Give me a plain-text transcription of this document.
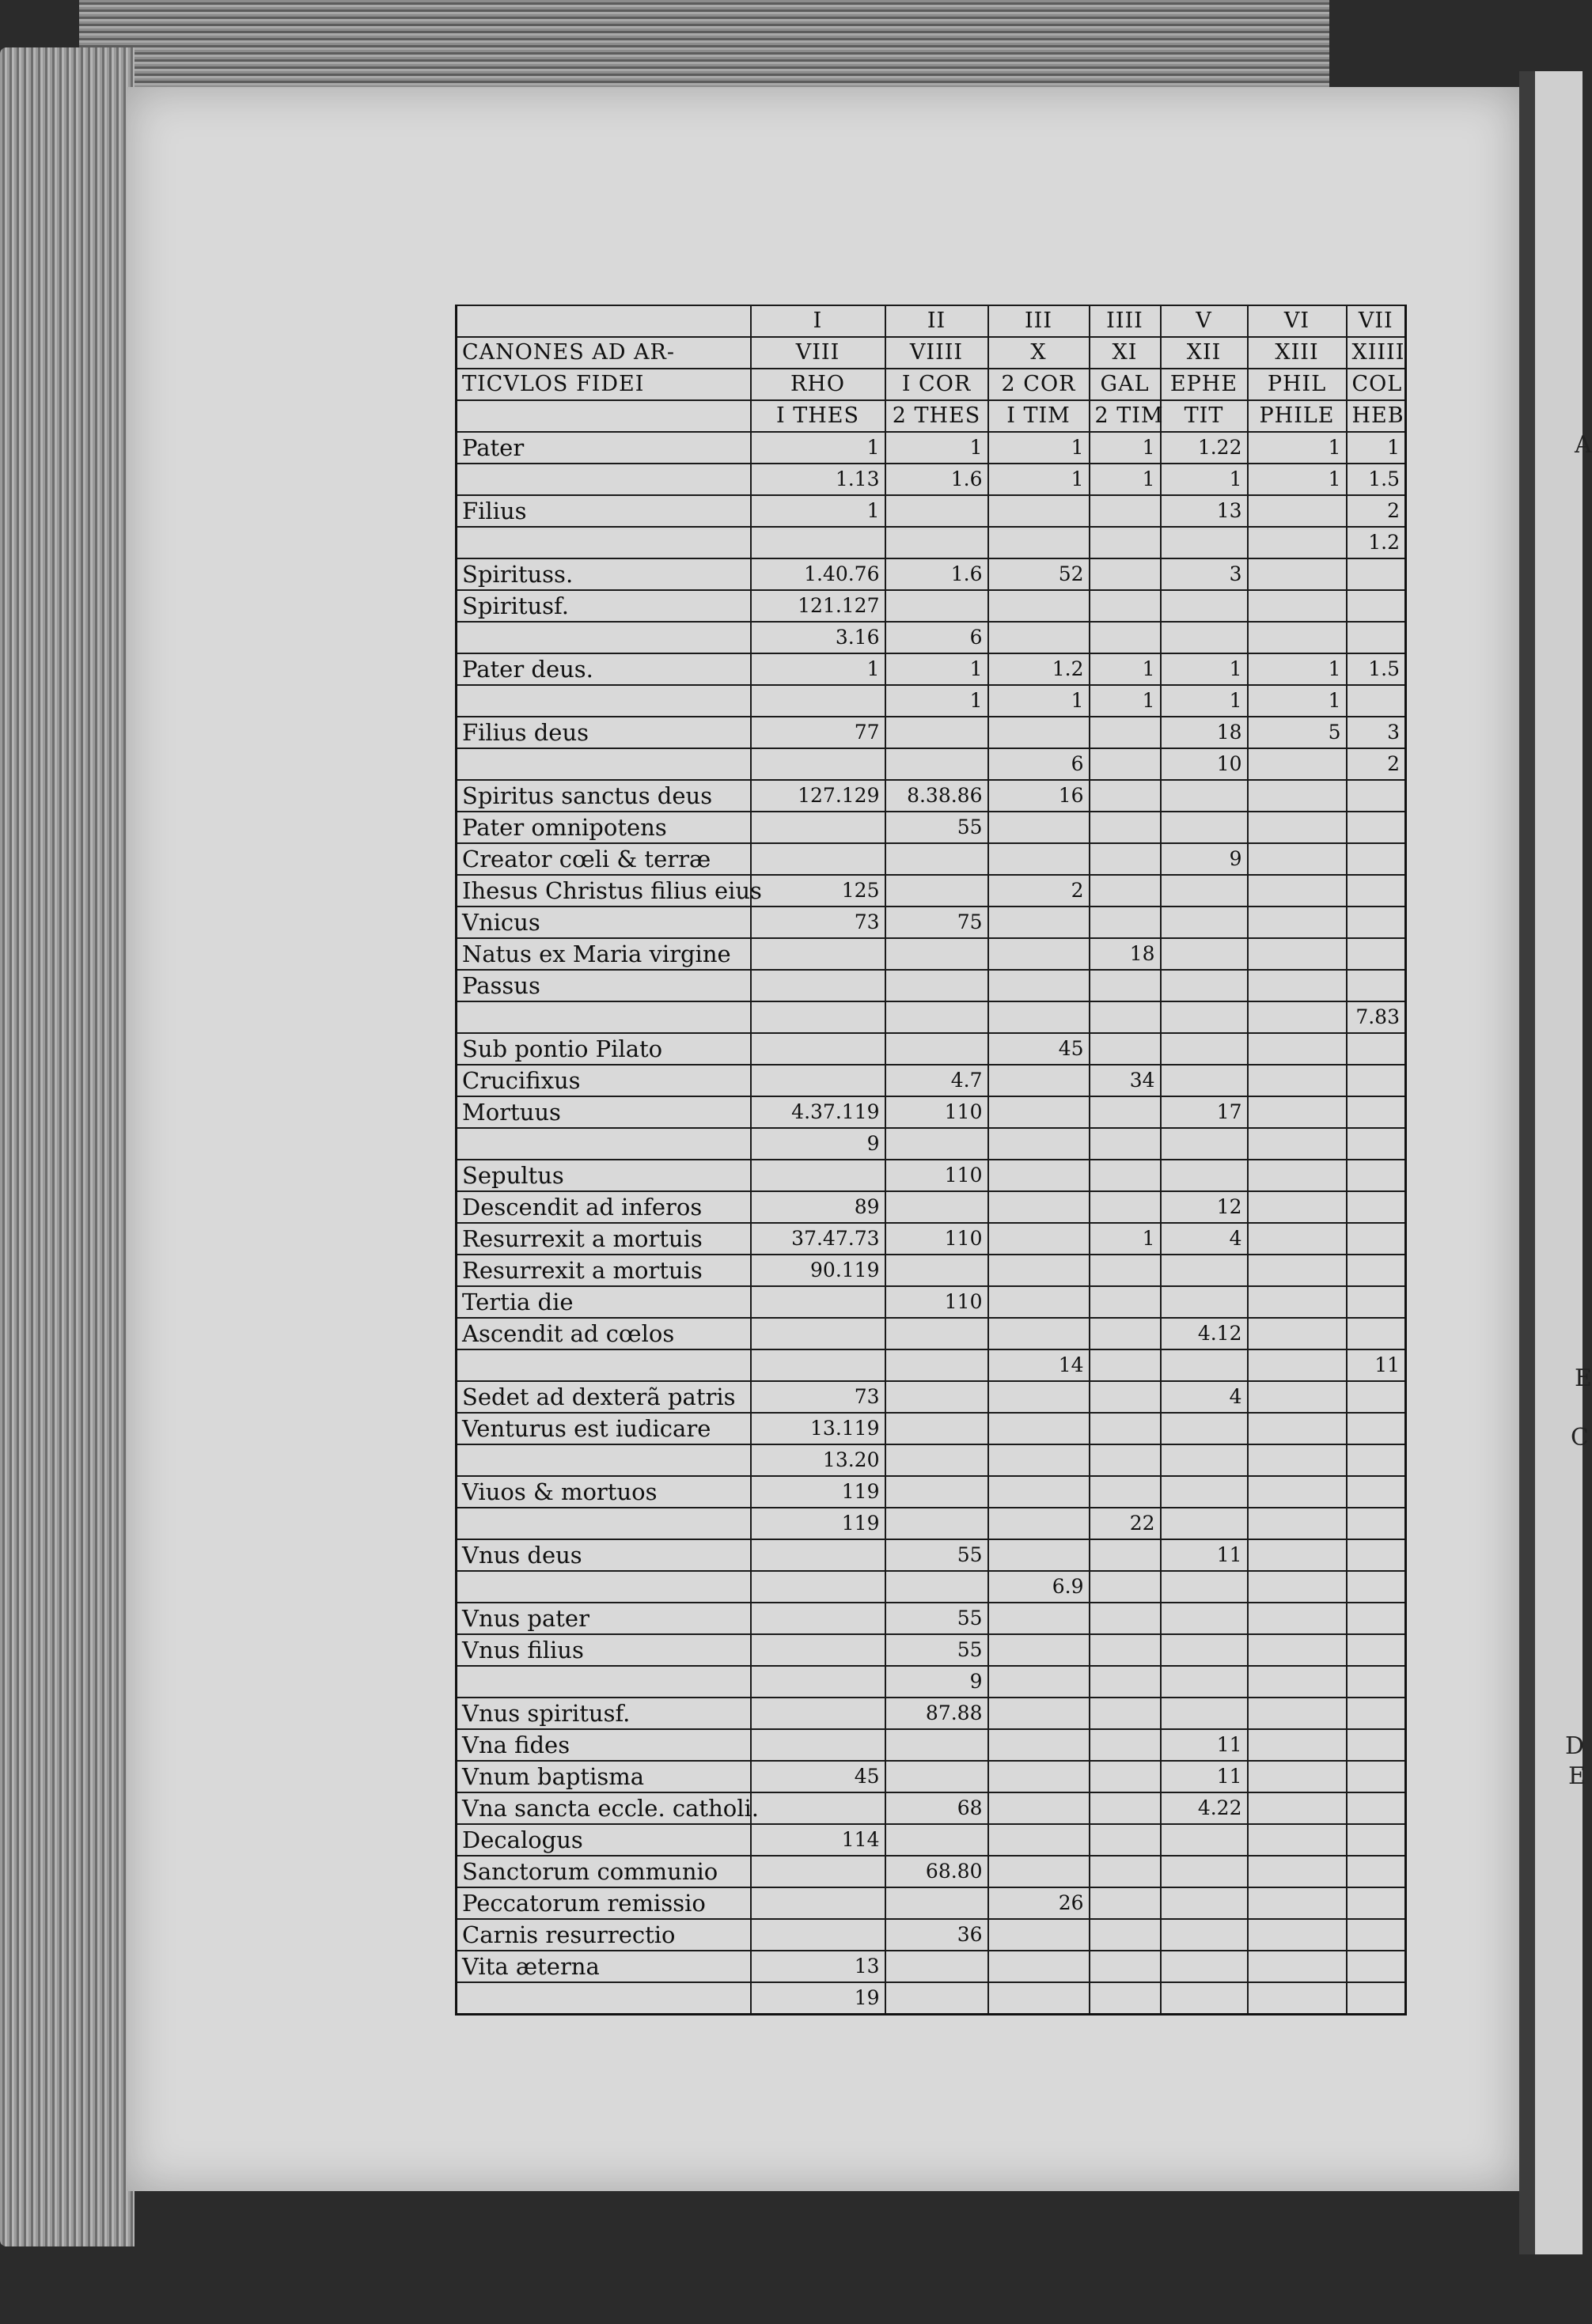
A
E
C
D
E
	I	II	III	IIII	V	VI	VII
CANONES AD AR-	VIII	VIIII	X	XI	XII	XIII	XIIII
TICVLOS FIDEI	RHO	I COR	2 COR	GAL	EPHE	PHIL	COL
	I THES	2 THES	I TIM	2 TIM	TIT	PHILE	HEB
Pater	1	1	1	1	1.22	1	1
	1.13	1.6	1	1	1	1	1.5
Filius	1				13		2
							1.2
Spirituss.	1.40.76	1.6	52		3		
Spiritusf.	121.127						
	3.16	6					
Pater deus.	1	1	1.2	1	1	1	1.5
		1	1	1	1	1	
Filius deus	77				18	5	3
			6		10		2
Spiritus sanctus deus	127.129	8.38.86	16				
Pater omnipotens		55					
Creator cœli & terræ					9		
Ihesus Christus filius eius	125		2				
Vnicus	73	75					
Natus ex Maria virgine				18			
Passus							
							7.83
Sub pontio Pilato			45				
Crucifixus		4.7		34			
Mortuus	4.37.119	110			17		
	9						
Sepultus		110					
Descendit ad inferos	89				12		
Resurrexit a mortuis	37.47.73	110		1	4		
Resurrexit a mortuis	90.119						
Tertia die		110					
Ascendit ad cœlos					4.12		
			14				11
Sedet ad dexterã patris	73				4		
Venturus est iudicare	13.119						
	13.20						
Viuos & mortuos	119						
	119			22			
Vnus deus		55			11		
			6.9				
Vnus pater		55					
Vnus filius		55					
		9					
Vnus spiritusf.		87.88					
Vna fides					11		
Vnum baptisma	45				11		
Vna sancta eccle. catholi.		68			4.22		
Decalogus	114						
Sanctorum communio		68.80					
Peccatorum remissio			26				
Carnis resurrectio		36					
Vita æterna	13						
	19						
